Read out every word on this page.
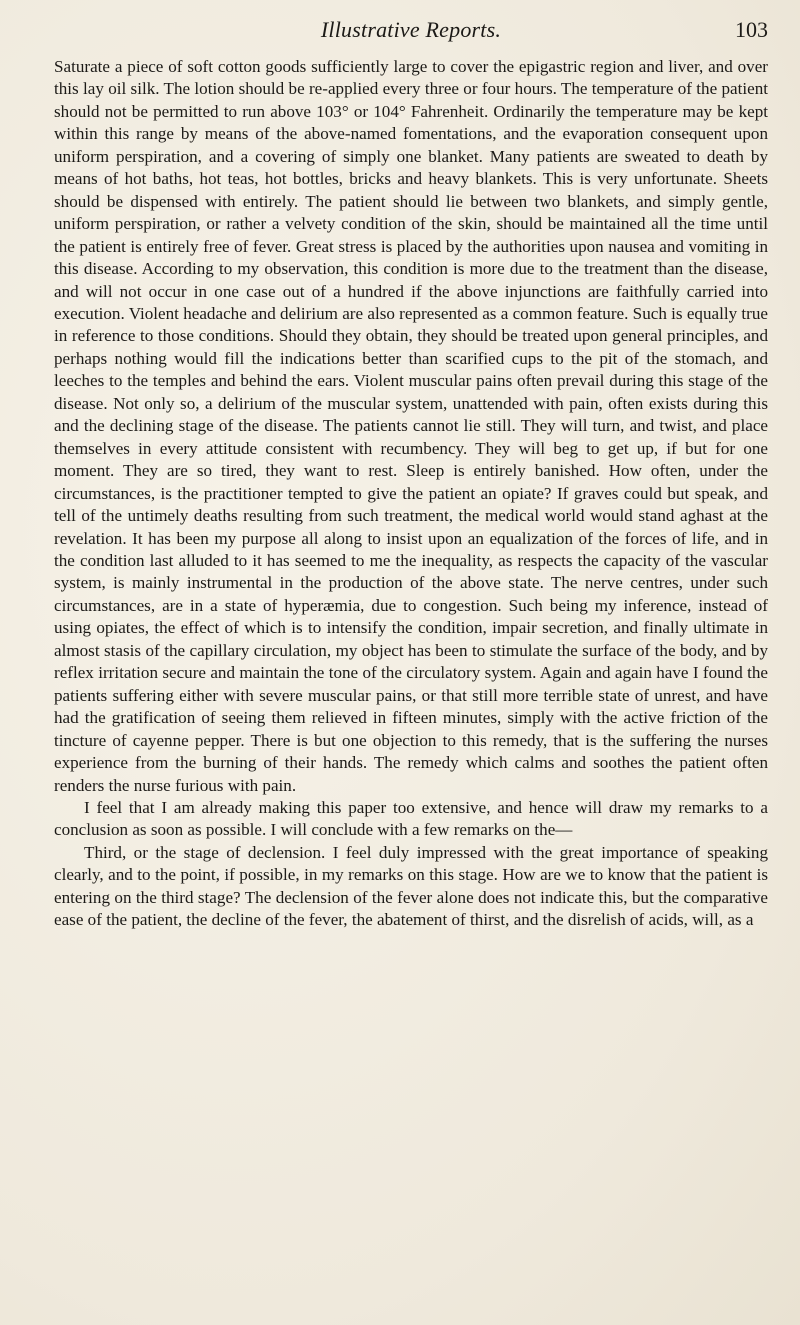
Illustrative Reports.	103

Saturate a piece of soft cotton goods sufficiently large to cover the epigastric region and liver, and over this lay oil silk. The lotion should be re-applied every three or four hours. The temperature of the patient should not be permitted to run above 103° or 104° Fahrenheit. Ordinarily the temperature may be kept within this range by means of the above-named fomentations, and the evaporation consequent upon uniform perspiration, and a covering of simply one blanket. Many patients are sweated to death by means of hot baths, hot teas, hot bottles, bricks and heavy blankets. This is very unfortunate. Sheets should be dispensed with entirely. The patient should lie between two blankets, and simply gentle, uniform perspiration, or rather a velvety condition of the skin, should be maintained all the time until the patient is entirely free of fever. Great stress is placed by the authorities upon nausea and vomiting in this disease. According to my observation, this condition is more due to the treatment than the disease, and will not occur in one case out of a hundred if the above injunctions are faithfully carried into execution. Violent headache and delirium are also represented as a common feature. Such is equally true in reference to those conditions. Should they obtain, they should be treated upon general principles, and perhaps nothing would fill the indications better than scarified cups to the pit of the stomach, and leeches to the temples and behind the ears. Violent muscular pains often prevail during this stage of the disease. Not only so, a delirium of the muscular system, unattended with pain, often exists during this and the declining stage of the disease. The patients cannot lie still. They will turn, and twist, and place themselves in every attitude consistent with recumbency. They will beg to get up, if but for one moment. They are so tired, they want to rest. Sleep is entirely banished. How often, under the circumstances, is the practitioner tempted to give the patient an opiate? If graves could but speak, and tell of the untimely deaths resulting from such treatment, the medical world would stand aghast at the revelation. It has been my purpose all along to insist upon an equalization of the forces of life, and in the condition last alluded to it has seemed to me the inequality, as respects the capacity of the vascular system, is mainly instrumental in the production of the above state. The nerve centres, under such circumstances, are in a state of hyperæmia, due to congestion. Such being my inference, instead of using opiates, the effect of which is to intensify the condition, impair secretion, and finally ultimate in almost stasis of the capillary circulation, my object has been to stimulate the surface of the body, and by reflex irritation secure and maintain the tone of the circulatory system. Again and again have I found the patients suffering either with severe muscular pains, or that still more terrible state of unrest, and have had the gratification of seeing them relieved in fifteen minutes, simply with the active friction of the tincture of cayenne pepper. There is but one objection to this remedy, that is the suffering the nurses experience from the burning of their hands. The remedy which calms and soothes the patient often renders the nurse furious with pain.

I feel that I am already making this paper too extensive, and hence will draw my remarks to a conclusion as soon as possible. I will conclude with a few remarks on the—

Third, or the stage of declension. I feel duly impressed with the great importance of speaking clearly, and to the point, if possible, in my remarks on this stage. How are we to know that the patient is entering on the third stage? The declension of the fever alone does not indicate this, but the comparative ease of the patient, the decline of the fever, the abatement of thirst, and the disrelish of acids, will, as a
